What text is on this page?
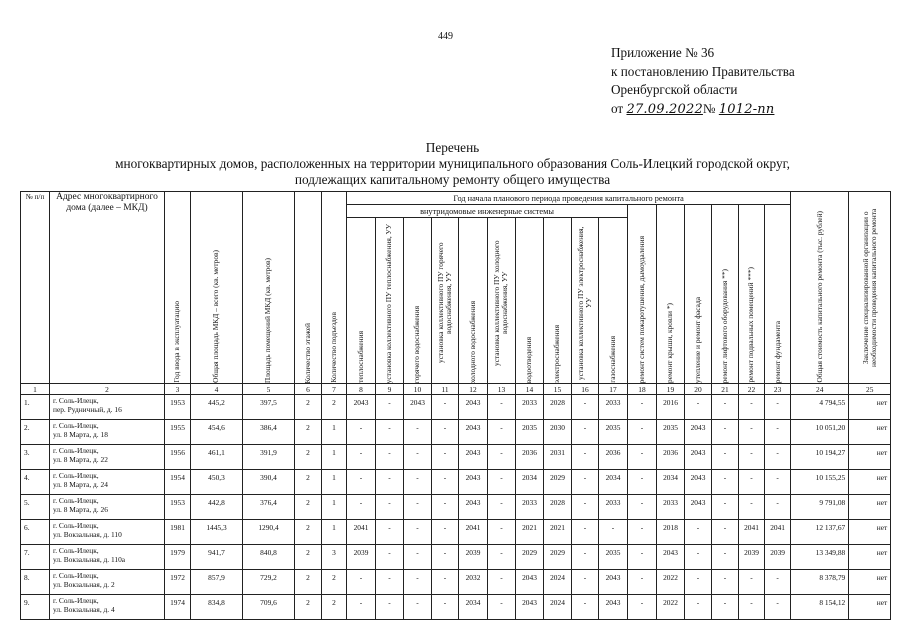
449
Приложение № 36
к постановлению Правительства
Оренбургской области
от 27.09.2022№ 1012-пп
Перечень
многоквартирных домов, расположенных на территории муниципального образования Соль-Илецкий городской округ,
подлежащих капитальному ремонту общего имущества
№ п/п	Адрес многоквартирного дома (далее – МКД)	Год ввода в эксплуатацию	Общая площадь МКД – всего (кв. метров)	Площадь помещений МКД (кв. метров)	Количество этажей	Количество подъездов	Год начала планового периода проведения капитального ремонта																Общая стоимость капитального ремонта (тыс. рублей)	Заключение специализированной организации о необходимости проведения капитального ремонта

							внутридомовые инженерные системы										ремонт систем пожаротушения, дымоудаления	ремонт крыши, кровли *)	утепление и ремонт фасада	ремонт лифтового оборудования **)	ремонт подвальных помещений ***)	ремонт фундамента		

							теплоснабжения	установка коллективного ПУ теплоснабжения, УУ	горячего водоснабжения	установка коллективного ПУ горячего водоснабжения, УУ	холодного водоснабжения	установка коллективного ПУ холодного водоснабжения, УУ	водоотведения	электроснабжения	установка коллективного ПУ электроснабжения, УУ	газоснабжения								

1	2	3	4	5	6	7	8	9	10	11	12	13	14	15	16	17	18	19	20	21	22	23	24	25
1.	г. Соль-Илецк,
пер. Рудничный, д. 16	1953	445,2	397,5	2	2	2043	-	2043	-	2043	-	2033	2028	-	2033	-	2016	-	-	-	-	4 794,55	нет
2.	г. Соль-Илецк,
ул. 8 Марта, д. 18	1955	454,6	386,4	2	1	-	-	-	-	2043	-	2035	2030	-	2035	-	2035	2043	-	-	-	10 051,20	нет
3.	г. Соль-Илецк,
ул. 8 Марта, д. 22	1956	461,1	391,9	2	1	-	-	-	-	2043	-	2036	2031	-	2036	-	2036	2043	-	-	-	10 194,27	нет
4.	г. Соль-Илецк,
ул. 8 Марта, д. 24	1954	450,3	390,4	2	1	-	-	-	-	2043	-	2034	2029	-	2034	-	2034	2043	-	-	-	10 155,25	нет
5.	г. Соль-Илецк,
ул. 8 Марта, д. 26	1953	442,8	376,4	2	1	-	-	-	-	2043	-	2033	2028	-	2033	-	2033	2043	-	-	-	9 791,08	нет
6.	г. Соль-Илецк,
ул. Вокзальная, д. 110	1981	1445,3	1290,4	2	1	2041	-	-	-	2041	-	2021	2021	-	-	-	2018	-	-	2041	2041	12 137,67	нет
7.	г. Соль-Илецк,
ул. Вокзальная, д. 110а	1979	941,7	840,8	2	3	2039	-	-	-	2039	-	2029	2029	-	2035	-	2043	-	-	2039	2039	13 349,88	нет
8.	г. Соль-Илецк,
ул. Вокзальная, д. 2	1972	857,9	729,2	2	2	-	-	-	-	2032	-	2043	2024	-	2043	-	2022	-	-	-	-	8 378,79	нет
9.	г. Соль-Илецк,
ул. Вокзальная, д. 4	1974	834,8	709,6	2	2	-	-	-	-	2034	-	2043	2024	-	2043	-	2022	-	-	-	-	8 154,12	нет
